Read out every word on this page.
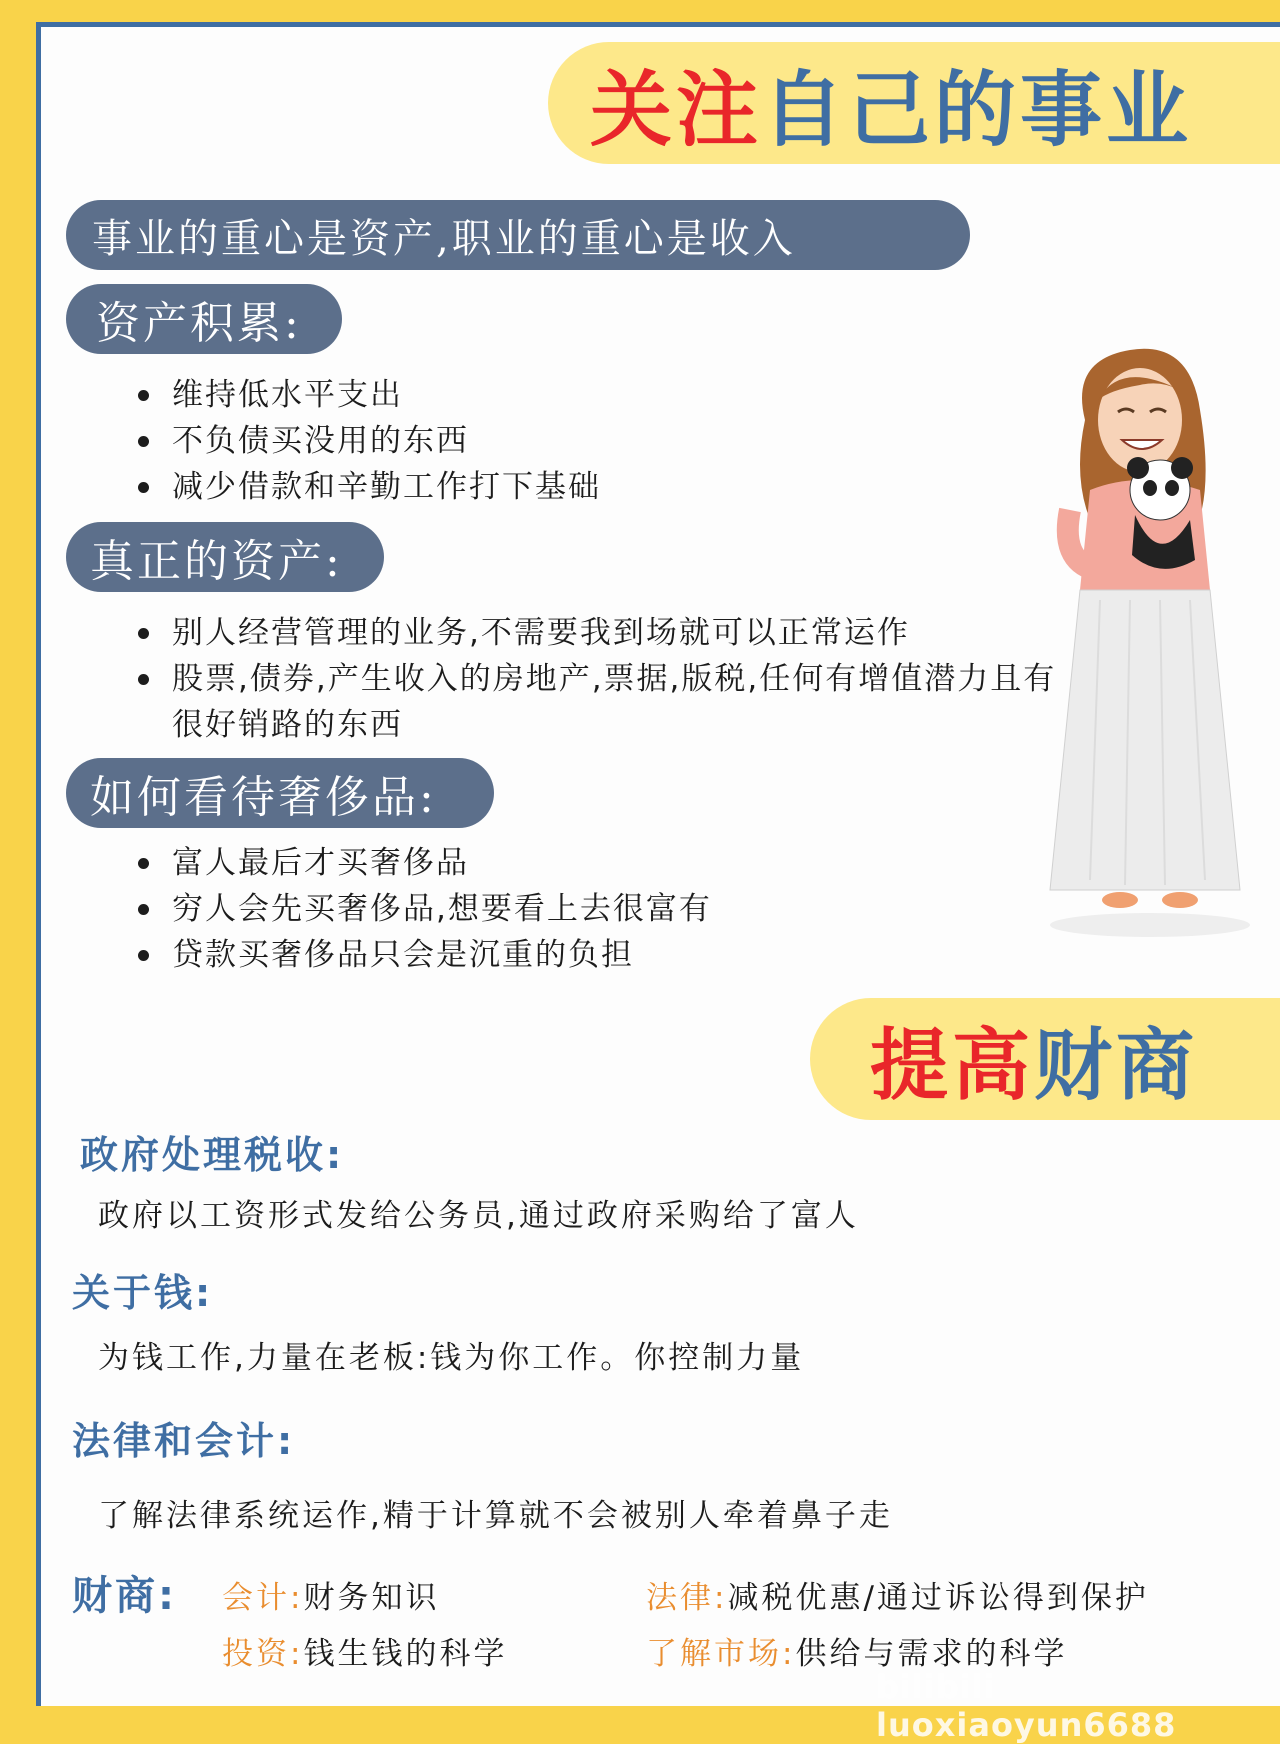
关注 自己的事业
事业的重心是资产,职业的重心是收入
资产积累:
维持低水平支出
不负债买没用的东西
减少借款和辛勤工作打下基础
真正的资产:
别人经营管理的业务,不需要我到场就可以正常运作
股票,债券,产生收入的房地产,票据,版税,任何有增值潜力且有很好销路的东西
如何看待奢侈品:
富人最后才买奢侈品
穷人会先买奢侈品,想要看上去很富有
贷款买奢侈品只会是沉重的负担
提高 财商
政府处理税收:
政府以工资形式发给公务员,通过政府采购给了富人
关于钱:
为钱工作,力量在老板:钱为你工作。你控制力量
法律和会计:
了解法律系统运作,精于计算就不会被别人牵着鼻子走
财商: 会计:财务知识	法律:减税优惠/通过诉讼得到保护
投资:钱生钱的科学	了解市场:供给与需求的科学
bilibili luoxiaoyun6688
